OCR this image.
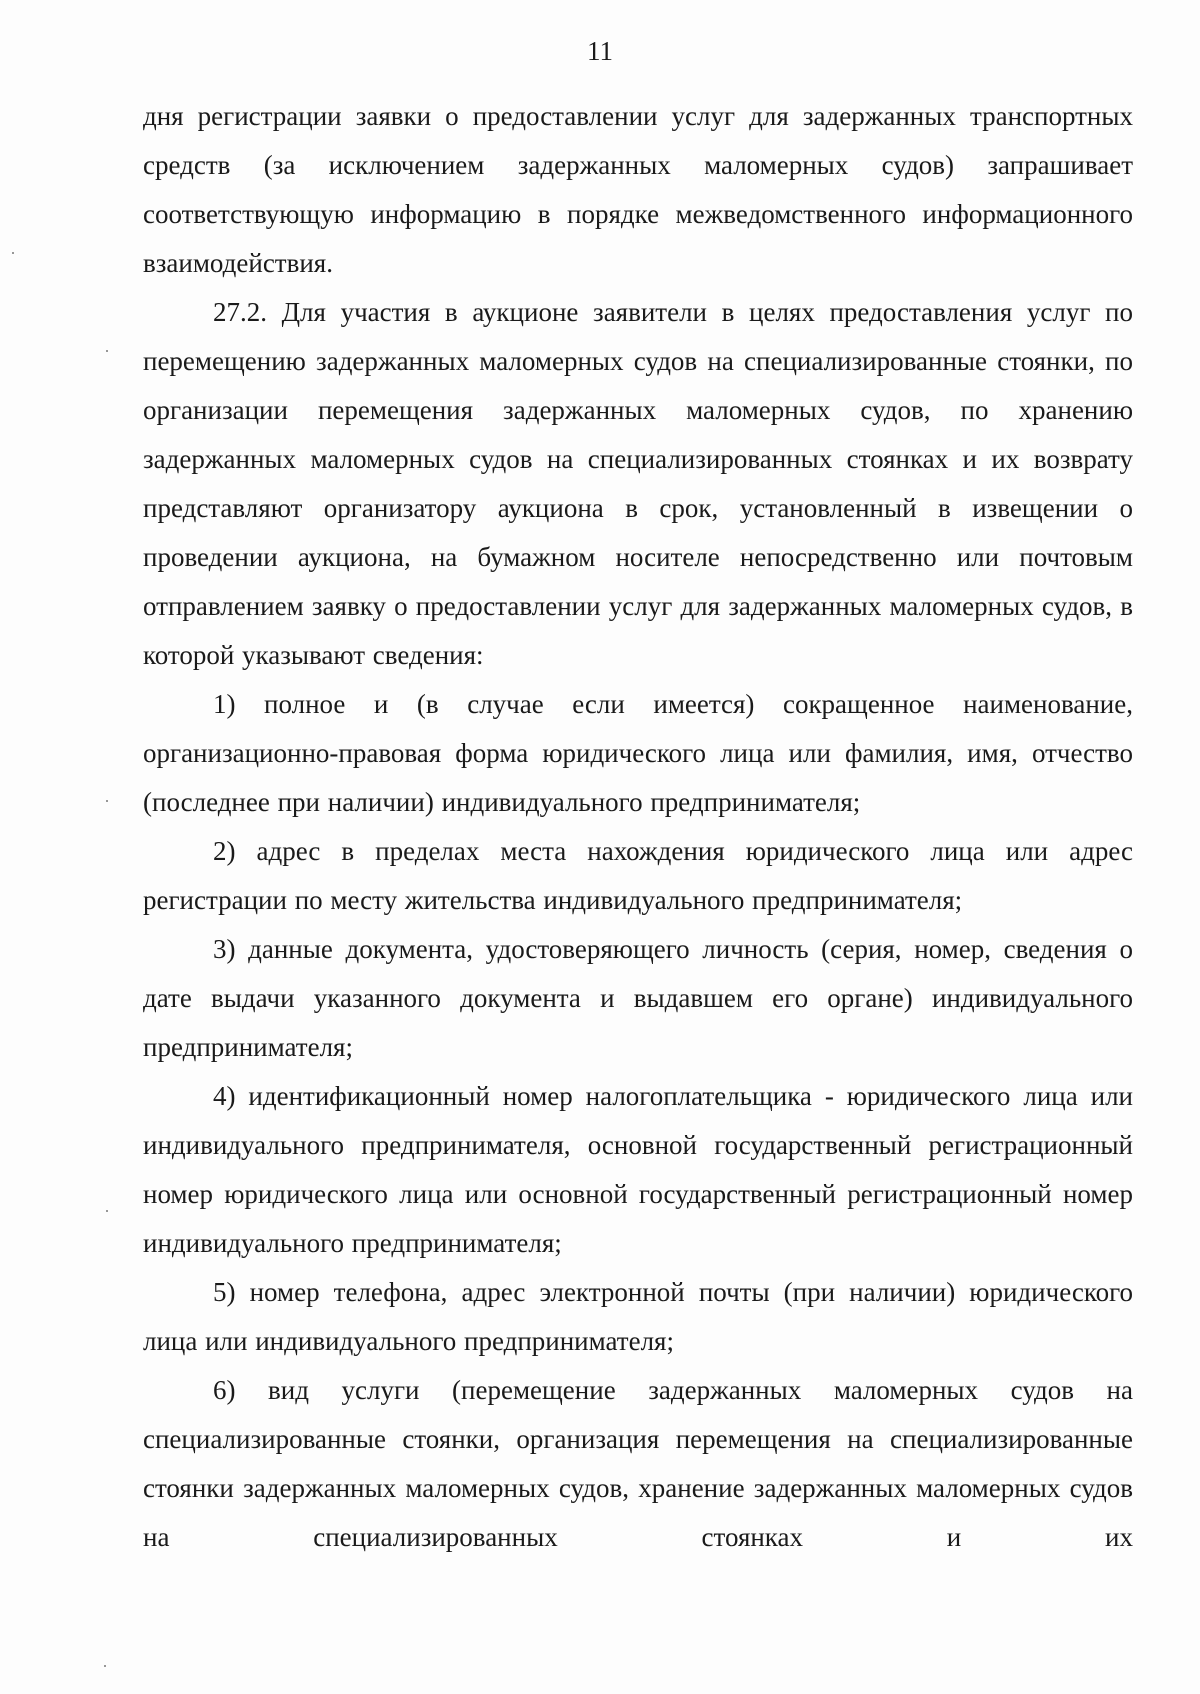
11

дня регистрации заявки о предоставлении услуг для задержанных транспортных средств (за исключением задержанных маломерных судов) запрашивает соответствующую информацию в порядке межведомственного информационного взаимодействия.

27.2. Для участия в аукционе заявители в целях предоставления услуг по перемещению задержанных маломерных судов на специализированные стоянки, по организации перемещения задержанных маломерных судов, по хранению задержанных маломерных судов на специализированных стоянках и их возврату представляют организатору аукциона в срок, установленный в извещении о проведении аукциона, на бумажном носителе непосредственно или почтовым отправлением заявку о предоставлении услуг для задержанных маломерных судов, в которой указывают сведения:

1) полное и (в случае если имеется) сокращенное наименование, организационно-правовая форма юридического лица или фамилия, имя, отчество (последнее при наличии) индивидуального предпринимателя;

2) адрес в пределах места нахождения юридического лица или адрес регистрации по месту жительства индивидуального предпринимателя;

3) данные документа, удостоверяющего личность (серия, номер, сведения о дате выдачи указанного документа и выдавшем его органе) индивидуального предпринимателя;

4) идентификационный номер налогоплательщика - юридического лица или индивидуального предпринимателя, основной государственный регистрационный номер юридического лица или основной государственный регистрационный номер индивидуального предпринимателя;

5) номер телефона, адрес электронной почты (при наличии) юридического лица или индивидуального предпринимателя;

6) вид услуги (перемещение задержанных маломерных судов на специализированные стоянки, организация перемещения на специализированные стоянки задержанных маломерных судов, хранение задержанных маломерных судов на специализированных стоянках и их
